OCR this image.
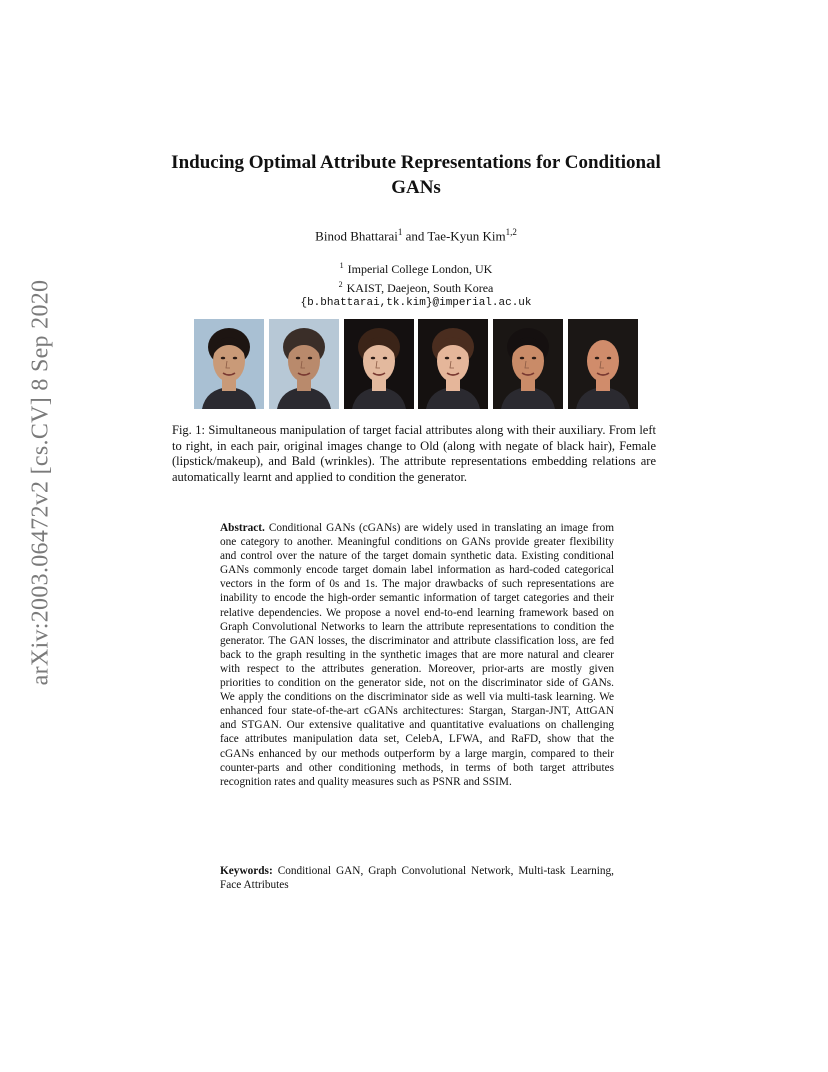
arXiv:2003.06472v2 [cs.CV] 8 Sep 2020
Inducing Optimal Attribute Representations for Conditional GANs
Binod Bhattarai$^1$ and Tae-Kyun Kim$^{1,2}$
$^1$ Imperial College London, UK
$^2$ KAIST, Daejeon, South Korea
{b.bhattarai,tk.kim}@imperial.ac.uk
Fig. 1: Simultaneous manipulation of target facial attributes along with their auxiliary. From left to right, in each pair, original images change to Old (along with negate of black hair), Female (lipstick/makeup), and Bald (wrinkles). The attribute representations embedding relations are automatically learnt and applied to condition the generator.
Abstract. Conditional GANs (cGANs) are widely used in translating an image from one category to another. Meaningful conditions on GANs provide greater flexibility and control over the nature of the target domain synthetic data. Existing conditional GANs commonly encode target domain label information as hard-coded categorical vectors in the form of 0s and 1s. The major drawbacks of such representations are inability to encode the high-order semantic information of target categories and their relative dependencies. We propose a novel end-to-end learning framework based on Graph Convolutional Networks to learn the attribute representations to condition the generator. The GAN losses, the discriminator and attribute classification loss, are fed back to the graph resulting in the synthetic images that are more natural and clearer with respect to the attributes generation. Moreover, prior-arts are mostly given priorities to condition on the generator side, not on the discriminator side of GANs. We apply the conditions on the discriminator side as well via multi-task learning. We enhanced four state-of-the-art cGANs architectures: Stargan, Stargan-JNT, AttGAN and STGAN. Our extensive qualitative and quantitative evaluations on challenging face attributes manipulation data set, CelebA, LFWA, and RaFD, show that the cGANs enhanced by our methods outperform by a large margin, compared to their counter-parts and other conditioning methods, in terms of both target attributes recognition rates and quality measures such as PSNR and SSIM.
Keywords: Conditional GAN, Graph Convolutional Network, Multi-task Learning, Face Attributes
